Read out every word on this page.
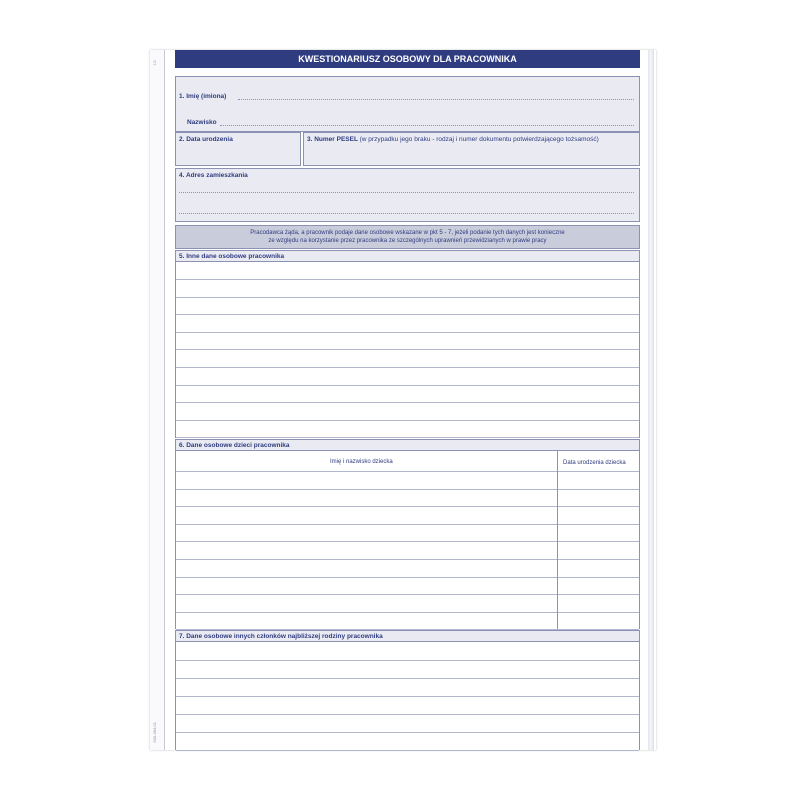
1/2
500-384-01
KWESTIONARIUSZ OSOBOWY DLA PRACOWNIKA
1. Imię (imiona)
Nazwisko
2. Data urodzenia	3. Numer PESEL (w przypadku jego braku - rodzaj i numer dokumentu potwierdzającego tożsamość)
4. Adres zamieszkania
Pracodawca żąda, a pracownik podaje dane osobowe wskazane w pkt 5 - 7, jeżeli podanie tych danych jest konieczne
ze względu na korzystanie przez pracownika ze szczególnych uprawnień przewidzianych w prawie pracy
5. Inne dane osobowe pracownika
6. Dane osobowe dzieci pracownika
Imię i nazwisko dziecka	Data urodzenia dziecka
7. Dane osobowe innych członków najbliższej rodziny pracownika
